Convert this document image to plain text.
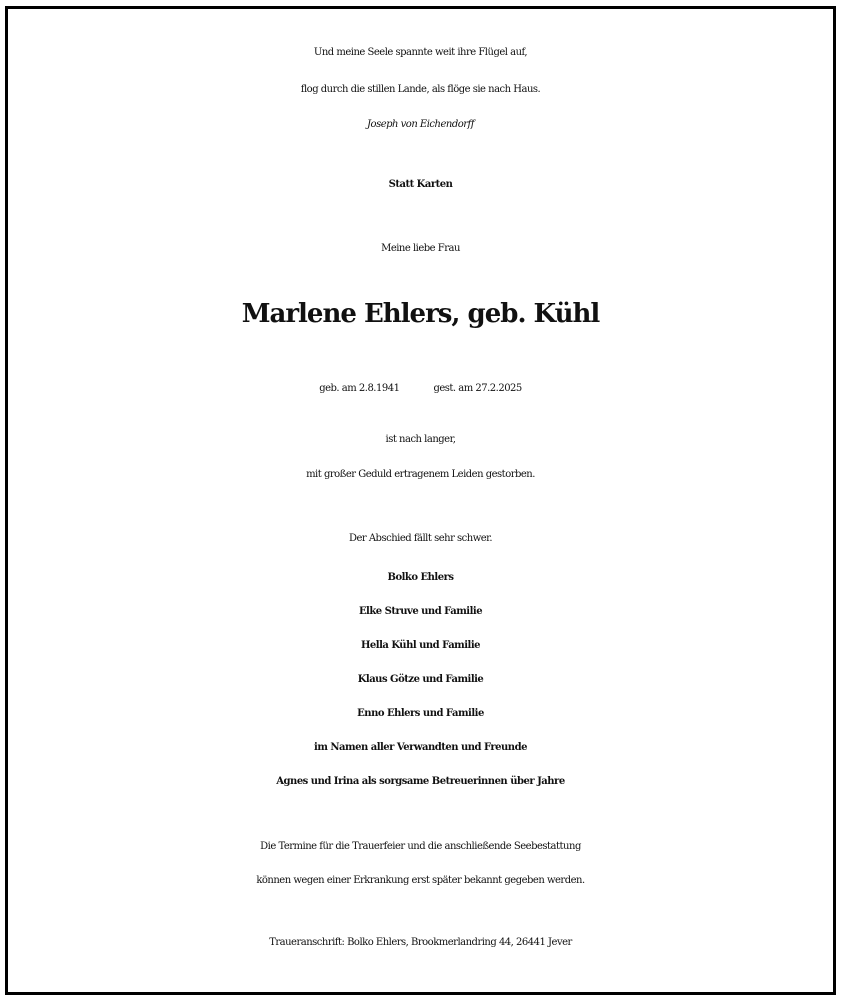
Und meine Seele spannte weit ihre Flügel auf,
flog durch die stillen Lande, als flöge sie nach Haus.
Joseph von Eichendorff
Statt Karten
Meine liebe Frau
Marlene Ehlers, geb. Kühl
geb. am 2.8.1941	gest. am 27.2.2025
ist nach langer,
mit großer Geduld ertragenem Leiden gestorben.
Der Abschied fällt sehr schwer.
Bolko Ehlers
Elke Struve und Familie
Hella Kühl und Familie
Klaus Götze und Familie
Enno Ehlers und Familie
im Namen aller Verwandten und Freunde
Agnes und Irina als sorgsame Betreuerinnen über Jahre
Die Termine für die Trauerfeier und die anschließende Seebestattung
können wegen einer Erkrankung erst später bekannt gegeben werden.
Traueranschrift: Bolko Ehlers, Brookmerlandring 44, 26441 Jever
